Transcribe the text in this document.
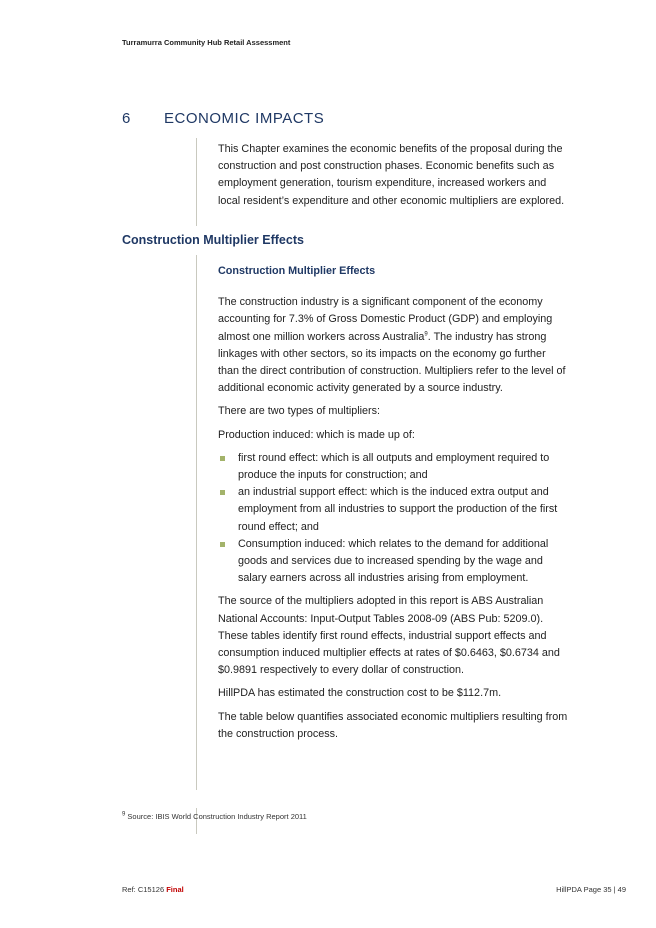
Turramurra Community Hub Retail Assessment
6 ECONOMIC IMPACTS

This Chapter examines the economic benefits of the proposal during the construction and post construction phases. Economic benefits such as employment generation, tourism expenditure, increased workers and local resident’s expenditure and other economic multipliers are explored.

Construction Multiplier Effects

Construction Multiplier Effects

The construction industry is a significant component of the economy accounting for 7.3% of Gross Domestic Product (GDP) and employing almost one million workers across Australia$^9$. The industry has strong linkages with other sectors, so its impacts on the economy go further than the direct contribution of construction. Multipliers refer to the level of additional economic activity generated by a source industry.

There are two types of multipliers:

Production induced: which is made up of:

first round effect: which is all outputs and employment required to produce the inputs for construction; and
an industrial support effect: which is the induced extra output and employment from all industries to support the production of the first round effect; and
Consumption induced: which relates to the demand for additional goods and services due to increased spending by the wage and salary earners across all industries arising from employment.

The source of the multipliers adopted in this report is ABS Australian National Accounts: Input-Output Tables 2008-09 (ABS Pub: 5209.0). These tables identify first round effects, industrial support effects and consumption induced multiplier effects at rates of $0.6463, $0.6734 and $0.9891 respectively to every dollar of construction.

HillPDA has estimated the construction cost to be $112.7m.

The table below quantifies associated economic multipliers resulting from the construction process.

$^9$ Source: IBIS World Construction Industry Report 2011
Ref: C15126 Final	HillPDA Page 35 | 49
